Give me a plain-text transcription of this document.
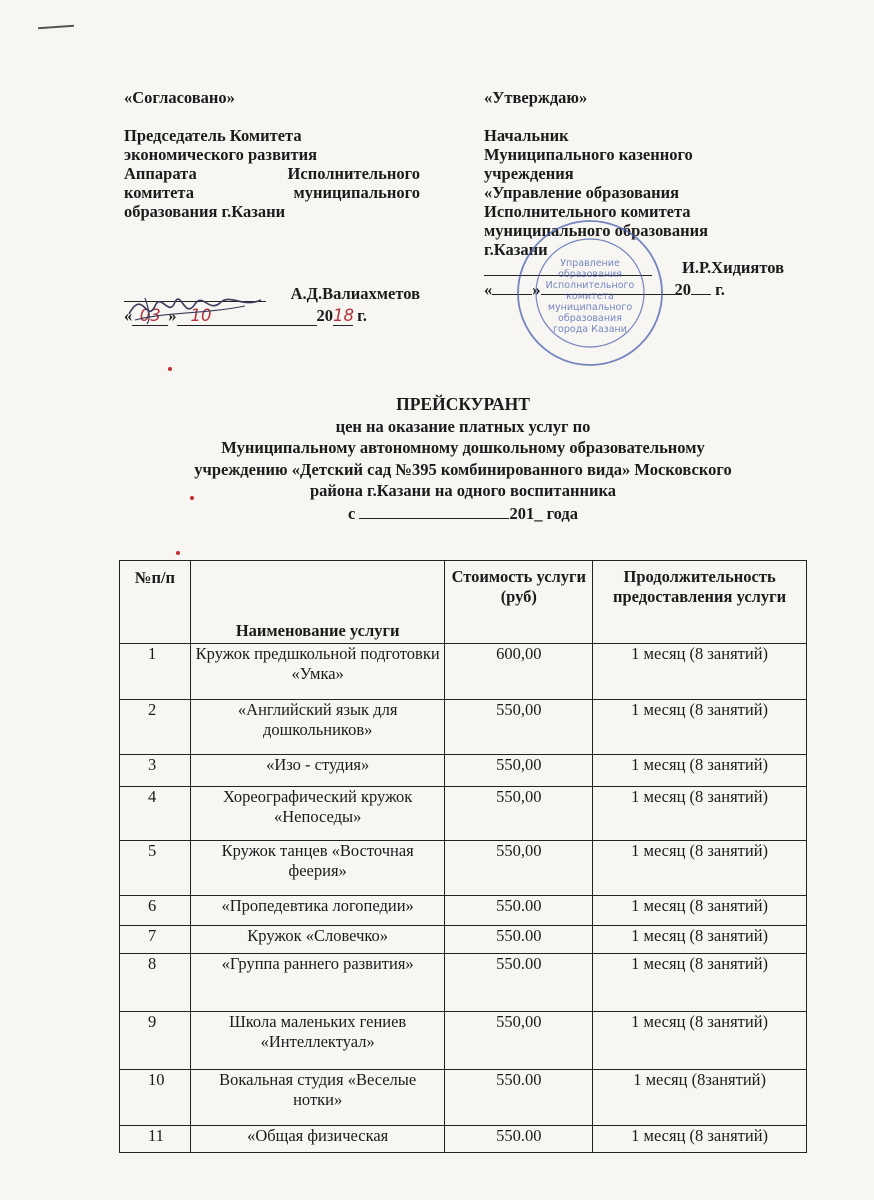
«Согласовано»
Председатель Комитета
экономического развития
Аппарата Исполнительного
комитета муниципального
образования г.Казани
А.Д.Валиахметов
« 03 » 10	2018 г.
«Утверждаю»
Начальник
Муниципального казенного
учреждения
«Управление образования
Исполнительного комитета
муниципального образования
г.Казани
И.Р.Хидиятов
« »	20 г.
Управление
образования
Исполнительного
комитета
муниципального
образования
города Казани
ПРЕЙСКУРАНТ
цен на оказание платных услуг по
Муниципальному автономному дошкольному образовательному
учреждению «Детский сад №395 комбинированного вида» Московского
района г.Казани на одного воспитанника
с	201_ года
№п/п	Наименование услуги	Стоимость услуги (руб)	Продолжительность предоставления услуги
1	Кружок предшкольной подготовки «Умка»	600,00	1 месяц (8 занятий)
2	«Английский язык для дошкольников»	550,00	1 месяц (8 занятий)
3	«Изо - студия»	550,00	1 месяц (8 занятий)
4	Хореографический кружок «Непоседы»	550,00	1 месяц (8 занятий)
5	Кружок танцев «Восточная феерия»	550,00	1 месяц (8 занятий)
6	«Пропедевтика логопедии»	550.00	1 месяц (8 занятий)
7	Кружок «Словечко»	550.00	1 месяц (8 занятий)
8	«Группа раннего развития»	550.00	1 месяц (8 занятий)
9	Школа маленьких гениев «Интеллектуал»	550,00	1 месяц (8 занятий)
10	Вокальная студия «Веселые нотки»	550.00	1 месяц (8занятий)
11	«Общая физическая	550.00	1 месяц (8 занятий)
